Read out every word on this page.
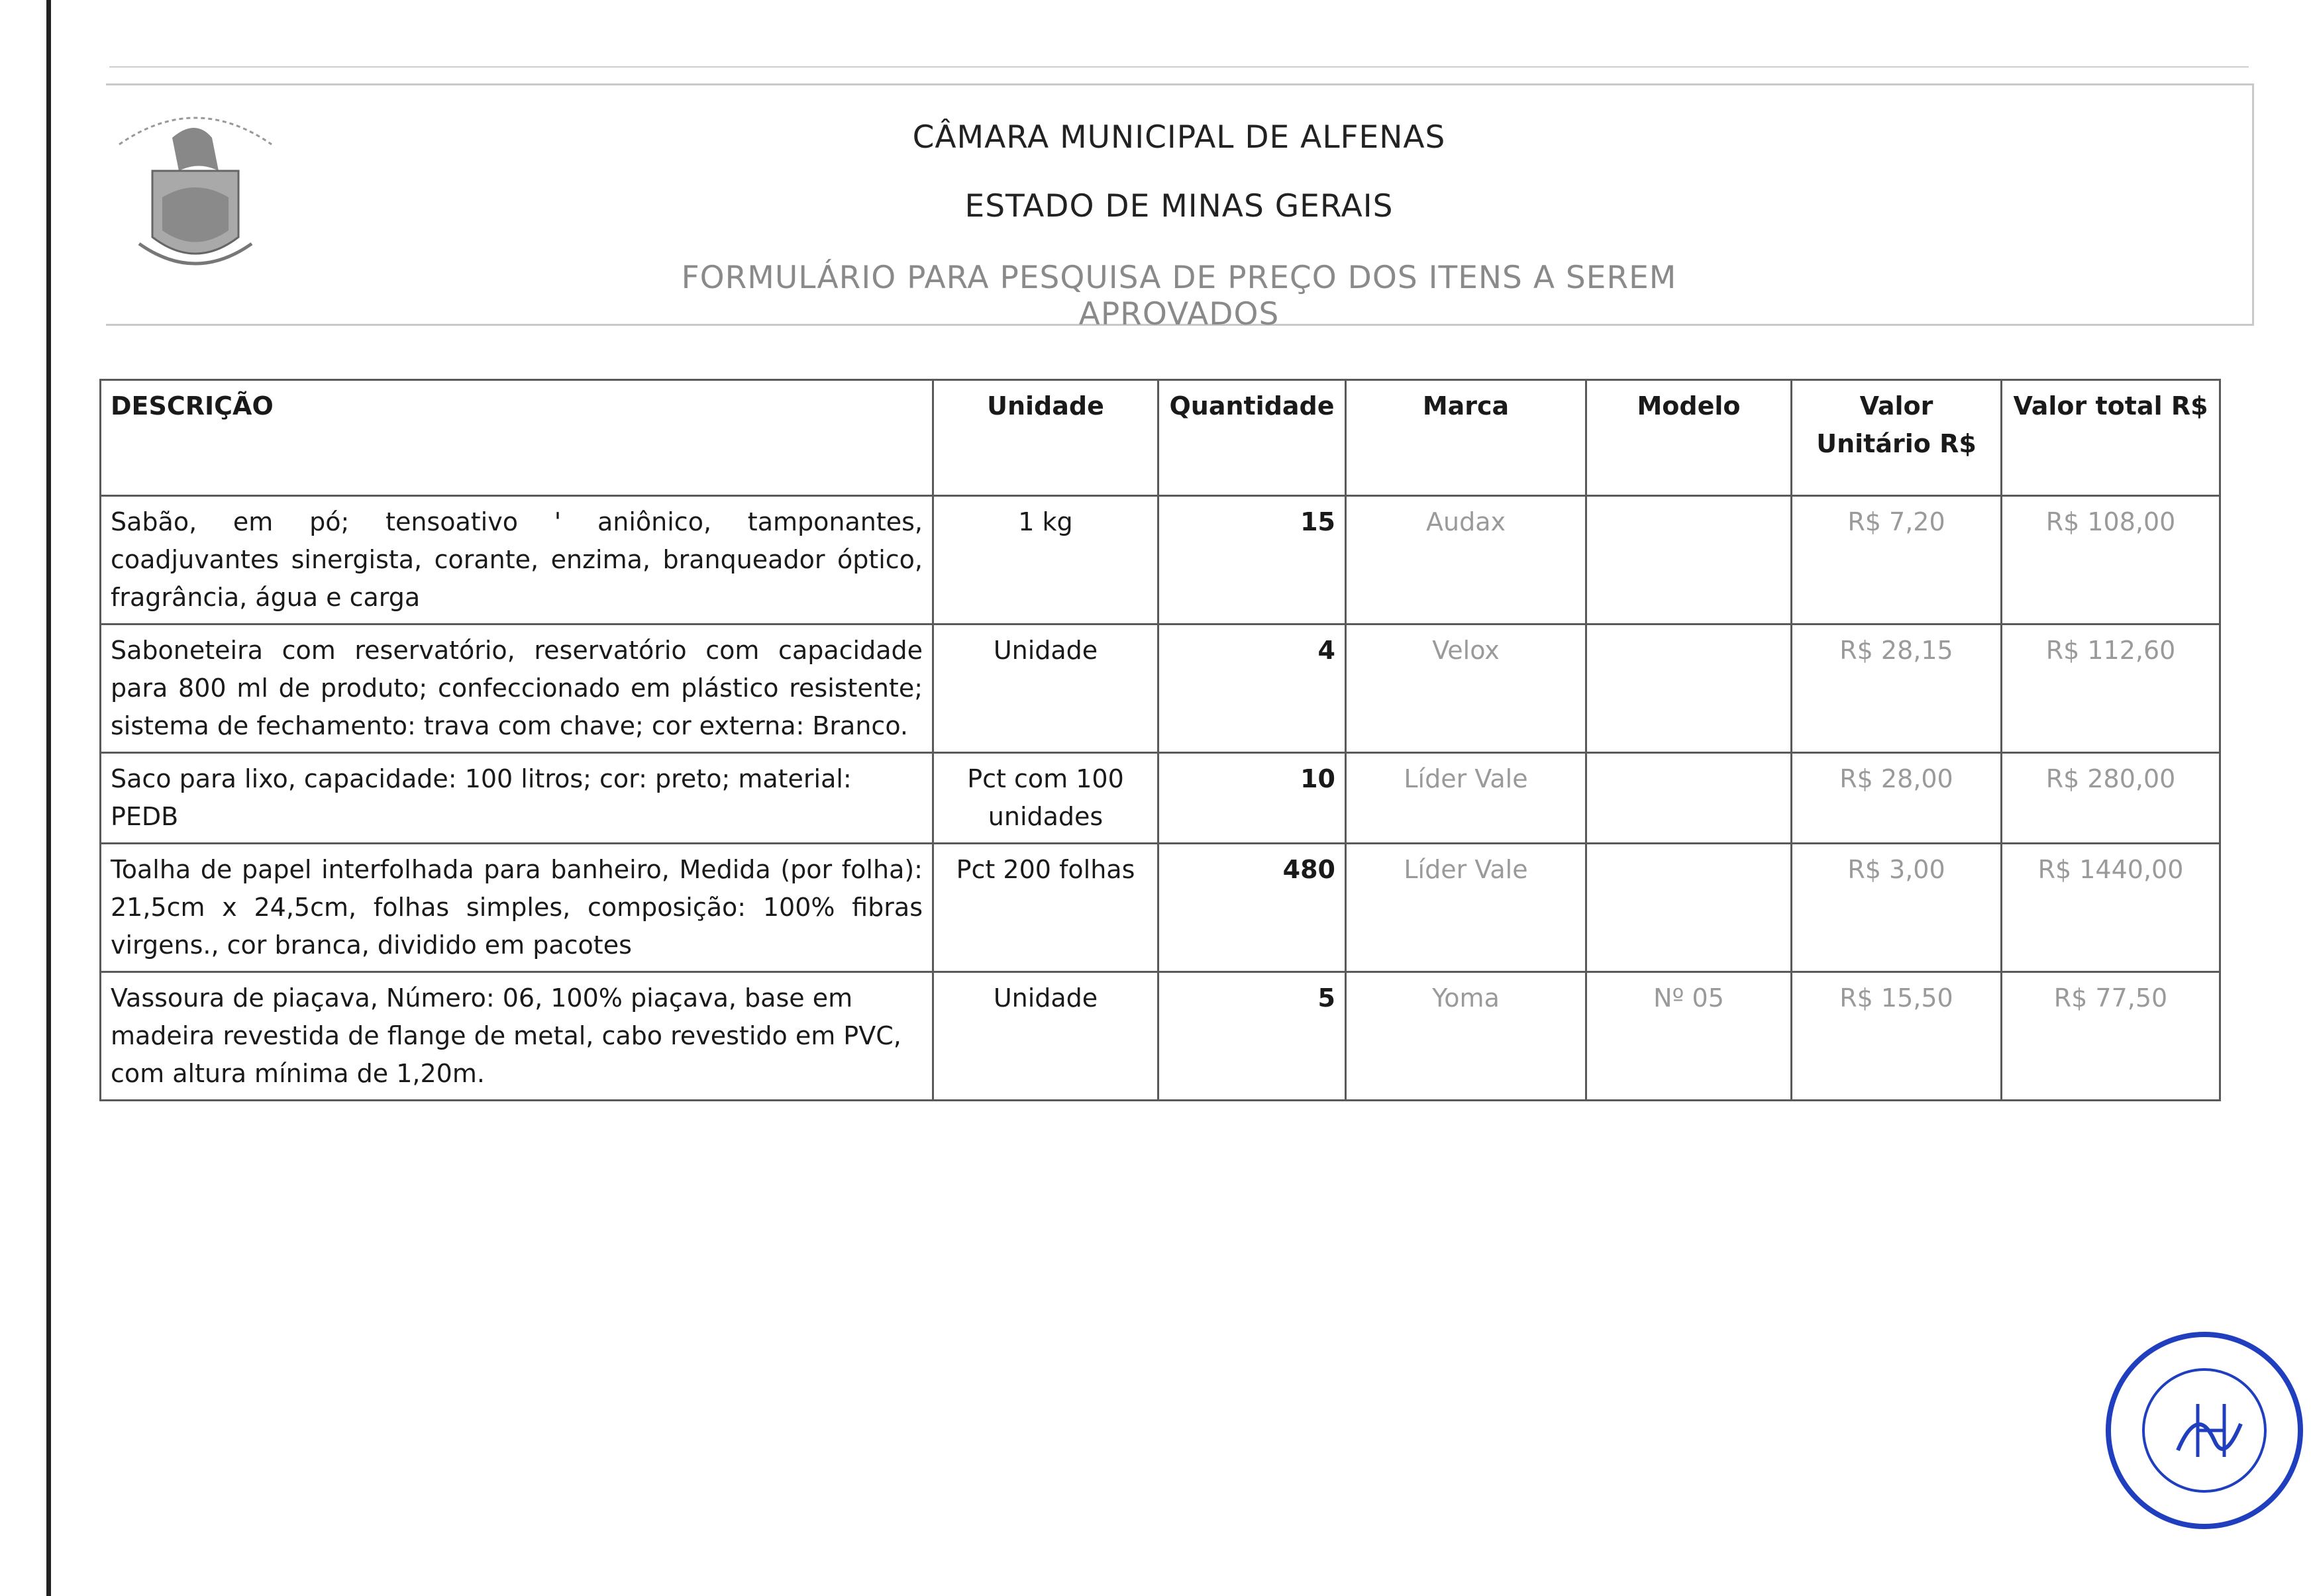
CÂMARA MUNICIPAL DE ALFENAS
ESTADO DE MINAS GERAIS
FORMULÁRIO PARA PESQUISA DE PREÇO DOS ITENS A SEREM APROVADOS
DESCRIÇÃO	Unidade	Quantidade	Marca	Modelo	Valor Unitário R$	Valor total R$
Sabão, em pó; tensoativo ' aniônico, tamponantes, coadjuvantes sinergista, corante, enzima, branqueador óptico, fragrância, água e carga	1 kg	15	Audax		R$ 7,20	R$ 108,00
Saboneteira com reservatório, reservatório com capacidade para 800 ml de produto; confeccionado em plástico resistente; sistema de fechamento: trava com chave; cor externa: Branco.	Unidade	4	Velox		R$ 28,15	R$ 112,60
Saco para lixo, capacidade: 100 litros; cor: preto; material: PEDB	Pct com 100 unidades	10	Líder Vale		R$ 28,00	R$ 280,00
Toalha de papel interfolhada para banheiro, Medida (por folha): 21,5cm x 24,5cm, folhas simples, composição: 100% fibras virgens., cor branca, dividido em pacotes	Pct 200 folhas	480	Líder Vale		R$ 3,00	R$ 1440,00
Vassoura de piaçava, Número: 06, 100% piaçava, base em madeira revestida de flange de metal, cabo revestido em PVC, com altura mínima de 1,20m.	Unidade	5	Yoma	Nº 05	R$ 15,50	R$ 77,50
